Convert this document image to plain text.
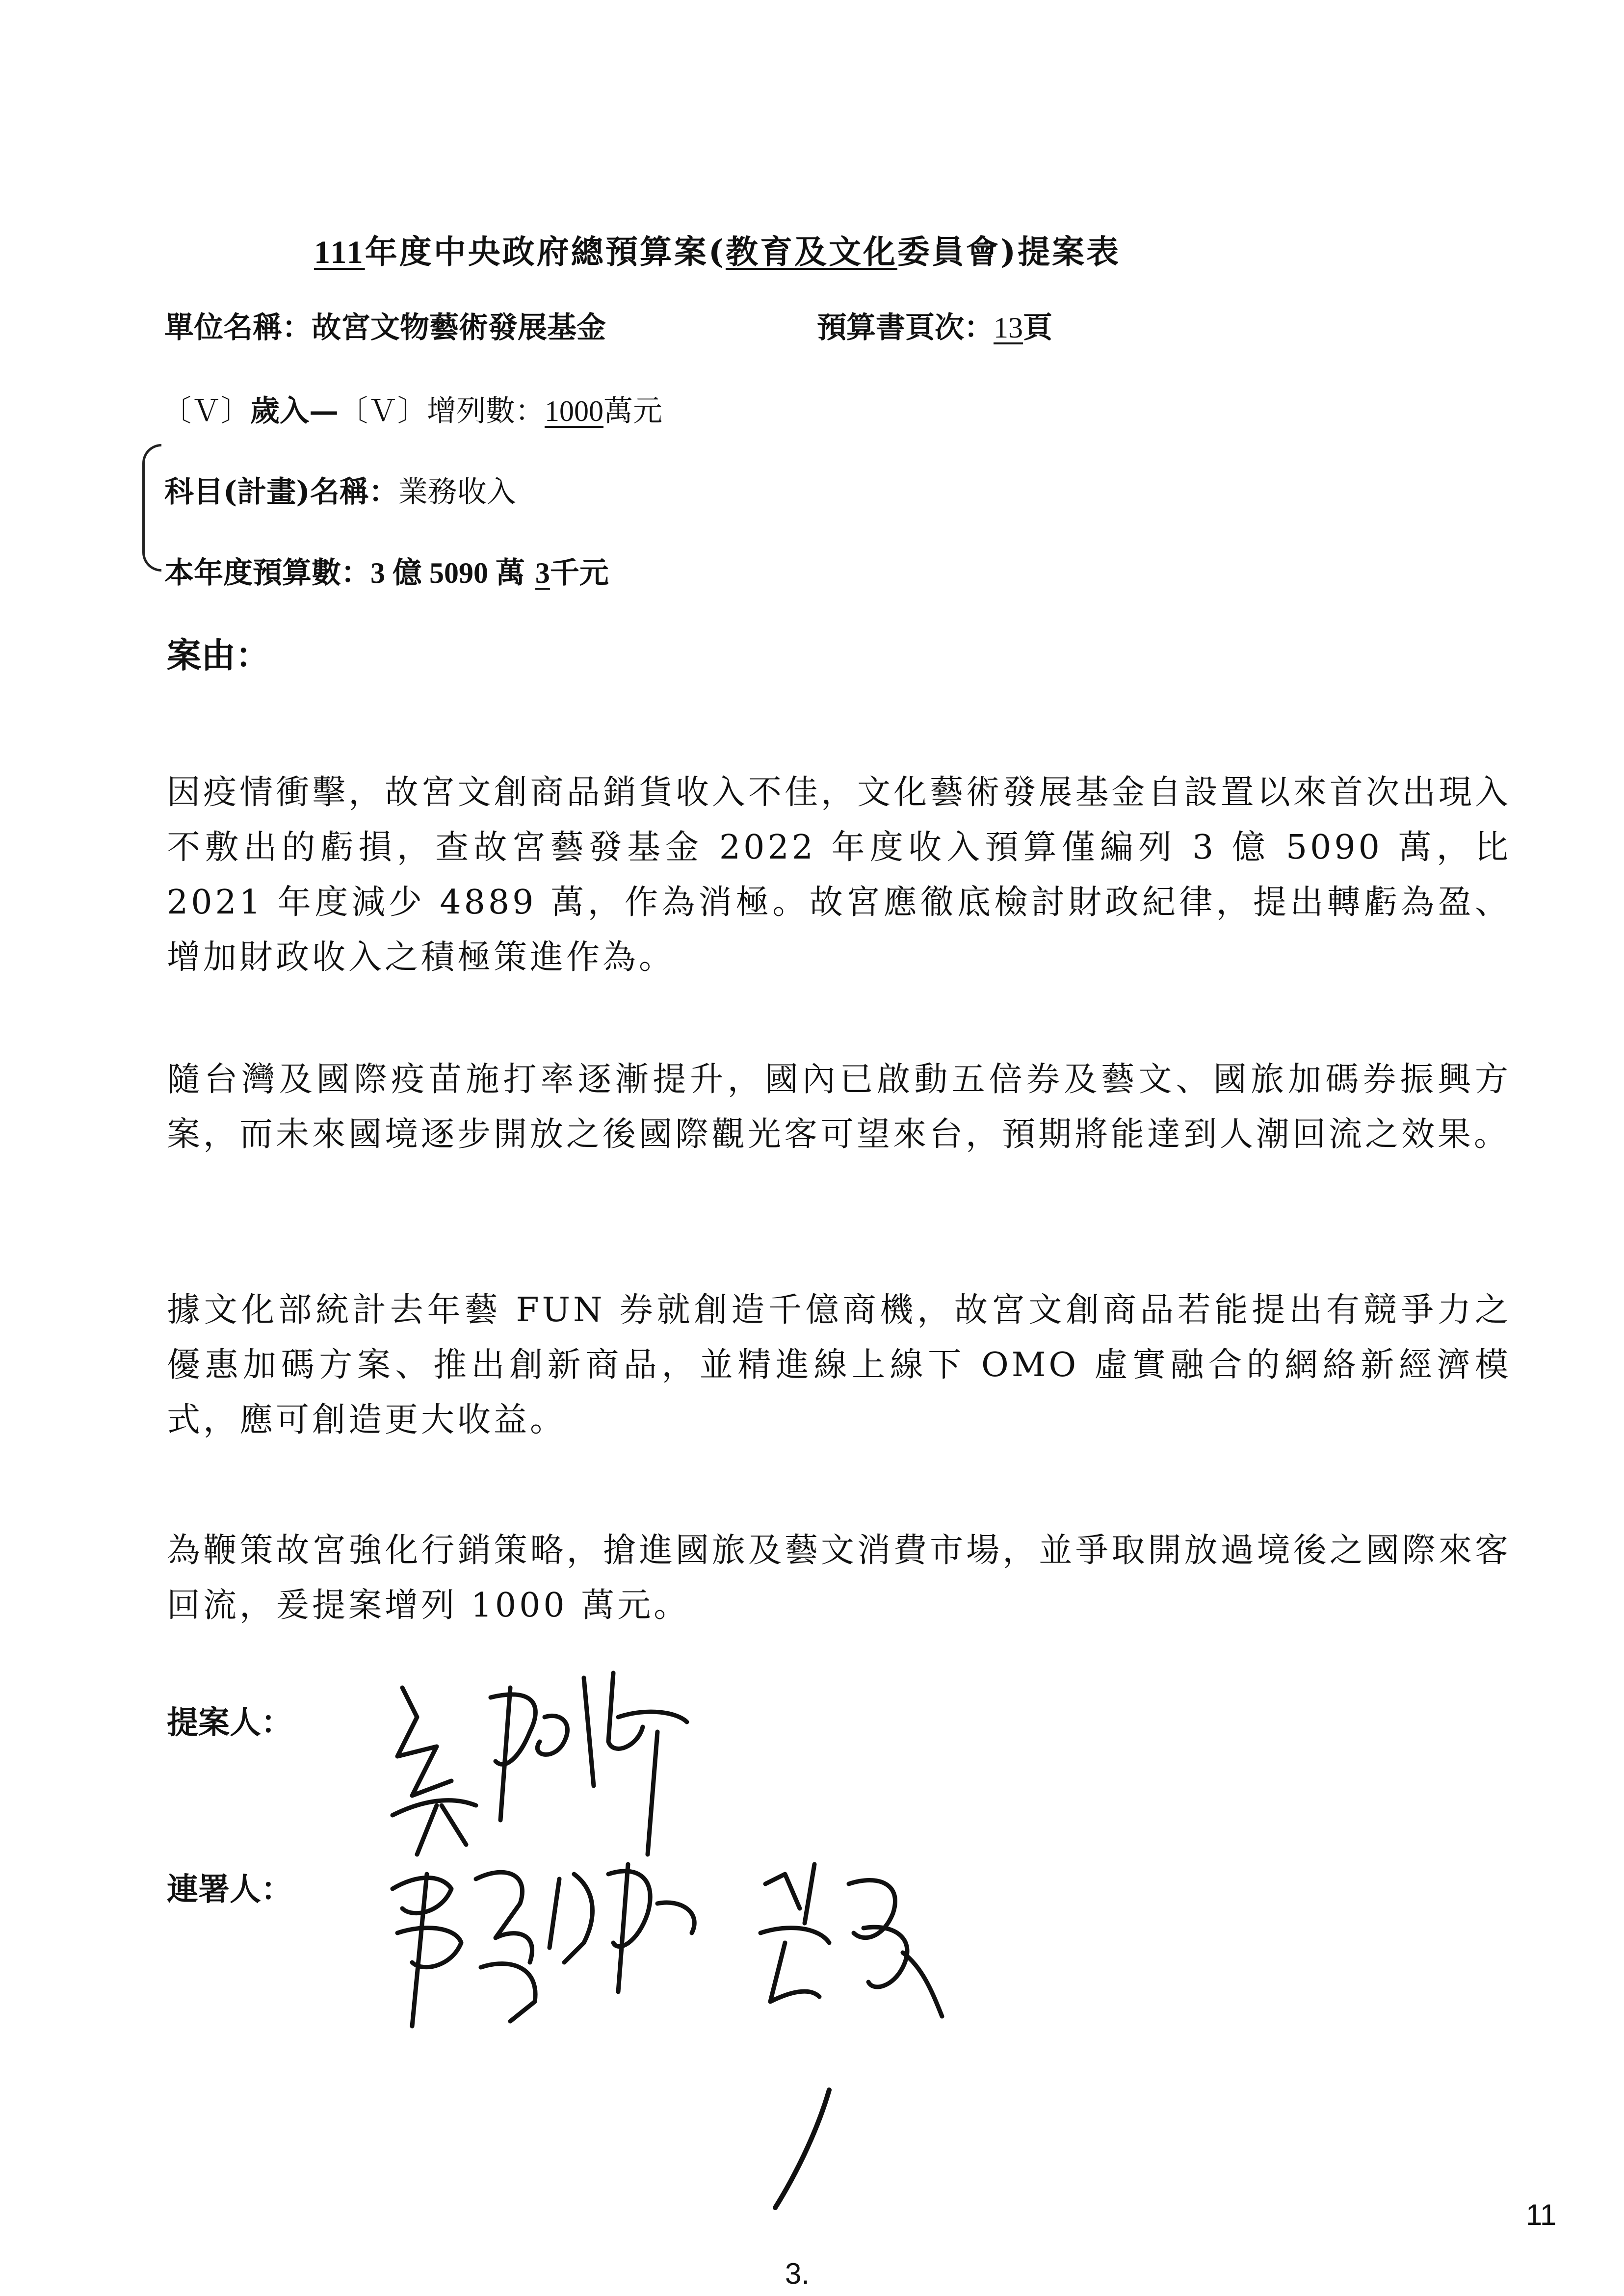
111年度中央政府總預算案(教育及文化委員會)提案表
單位名稱：故宮文物藝術發展基金	預算書頁次：13頁
〔Ｖ〕歲入—〔Ｖ〕增列數：1000萬元
科目(計畫)名稱：業務收入
本年度預算數：3 億 5090 萬 3千元
案由：

因疫情衝擊，故宮文創商品銷貨收入不佳，文化藝術發展基金自設置以來首次出現入不敷出的虧損，查故宮藝發基金 2022 年度收入預算僅編列 3 億 5090 萬，比 2021 年度減少 4889 萬，作為消極。故宮應徹底檢討財政紀律，提出轉虧為盈、增加財政收入之積極策進作為。

隨台灣及國際疫苗施打率逐漸提升，國內已啟動五倍券及藝文、國旅加碼券振興方案，而未來國境逐步開放之後國際觀光客可望來台，預期將能達到人潮回流之效果。

據文化部統計去年藝 FUN 券就創造千億商機，故宮文創商品若能提出有競爭力之優惠加碼方案、推出創新商品，並精進線上線下 OMO 虛實融合的網絡新經濟模式，應可創造更大收益。

為鞭策故宮強化行銷策略，搶進國旅及藝文消費市場，並爭取開放過境後之國際來客回流，爰提案增列 1000 萬元。

提案人：
連署人：
3.
11
